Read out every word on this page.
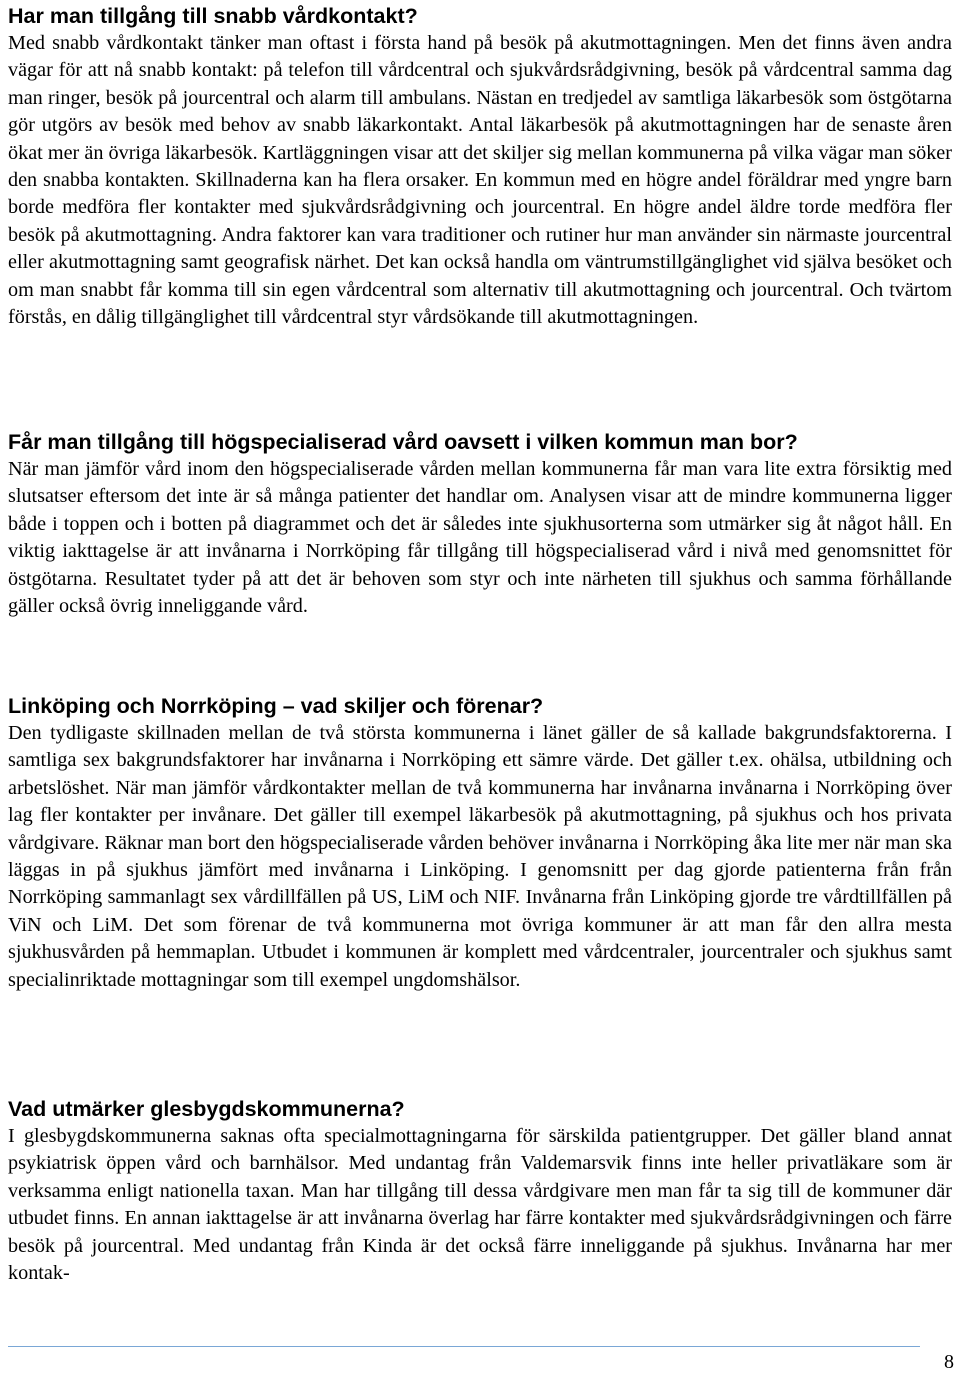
Har man tillgång till snabb vårdkontakt?

Med snabb vårdkontakt tänker man oftast i första hand på besök på akutmottagningen. Men det finns även andra vägar för att nå snabb kontakt: på telefon till vårdcentral och sjukvårdsrådgivning, besök på vårdcentral samma dag man ringer, besök på jourcentral och alarm till ambulans. Nästan en tredjedel av samtliga läkarbesök som östgötarna gör utgörs av besök med behov av snabb läkarkontakt. Antal läkarbesök på akutmottagningen har de senaste åren ökat mer än övriga läkarbesök. Kartläggningen visar att det skiljer sig mellan kommunerna på vilka vägar man söker den snabba kontakten. Skillnaderna kan ha flera orsaker. En kommun med en högre andel föräldrar med yngre barn borde medföra fler kontakter med sjukvårdsrådgivning och jourcentral. En högre andel äldre torde medföra fler besök på akutmottagning. Andra faktorer kan vara traditioner och rutiner hur man använder sin närmaste jourcentral eller akutmottagning samt geografisk närhet. Det kan också handla om väntrumstillgänglighet vid själva besöket och om man snabbt får komma till sin egen vårdcentral som alternativ till akutmottagning och jourcentral. Och tvärtom förstås, en dålig tillgänglighet till vårdcentral styr vårdsökande till akutmottagningen.

Får man tillgång till högspecialiserad vård oavsett i vilken kommun man bor?

När man jämför vård inom den högspecialiserade vården mellan kommunerna får man vara lite extra försiktig med slutsatser eftersom det inte är så många patienter det handlar om. Analysen visar att de mindre kommunerna ligger både i toppen och i botten på diagrammet och det är således inte sjukhusorterna som utmärker sig åt något håll. En viktig iakttagelse är att invånarna i Norrköping får tillgång till högspecialiserad vård i nivå med genomsnittet för östgötarna. Resultatet tyder på att det är behoven som styr och inte närheten till sjukhus och samma förhållande gäller också övrig inneliggande vård.

Linköping och Norrköping – vad skiljer och förenar?

Den tydligaste skillnaden mellan de två största kommunerna i länet gäller de så kallade bakgrundsfaktorerna. I samtliga sex bakgrundsfaktorer har invånarna i Norrköping ett sämre värde. Det gäller t.ex. ohälsa, utbildning och arbetslöshet. När man jämför vårdkontakter mellan de två kommunerna har invånarna invånarna i Norrköping över lag fler kontakter per invånare. Det gäller till exempel läkarbesök på akutmottagning, på sjukhus och hos privata vårdgivare. Räknar man bort den högspecialiserade vården behöver invånarna i Norrköping åka lite mer när man ska läggas in på sjukhus jämfört med invånarna i Linköping. I genomsnitt per dag gjorde patienterna från från Norrköping sammanlagt sex vårdillfällen på US, LiM och NIF. Invånarna från Linköping gjorde tre vårdtillfällen på ViN och LiM. Det som förenar de två kommunerna mot övriga kommuner är att man får den allra mesta sjukhusvården på hemmaplan. Utbudet i kommunen är komplett med vårdcentraler, jourcentraler och sjukhus samt specialinriktade mottagningar som till exempel ungdomshälsor.

Vad utmärker glesbygdskommunerna?

I glesbygdskommunerna saknas ofta specialmottagningarna för särskilda patientgrupper. Det gäller bland annat psykiatrisk öppen vård och barnhälsor. Med undantag från Valdemarsvik finns inte heller privatläkare som är verksamma enligt nationella taxan. Man har tillgång till dessa vårdgivare men man får ta sig till de kommuner där utbudet finns. En annan iakttagelse är att invånarna överlag har färre kontakter med sjukvårdsrådgivningen och färre besök på jourcentral. Med undantag från Kinda är det också färre inneliggande på sjukhus. Invånarna har mer kontak-

8
